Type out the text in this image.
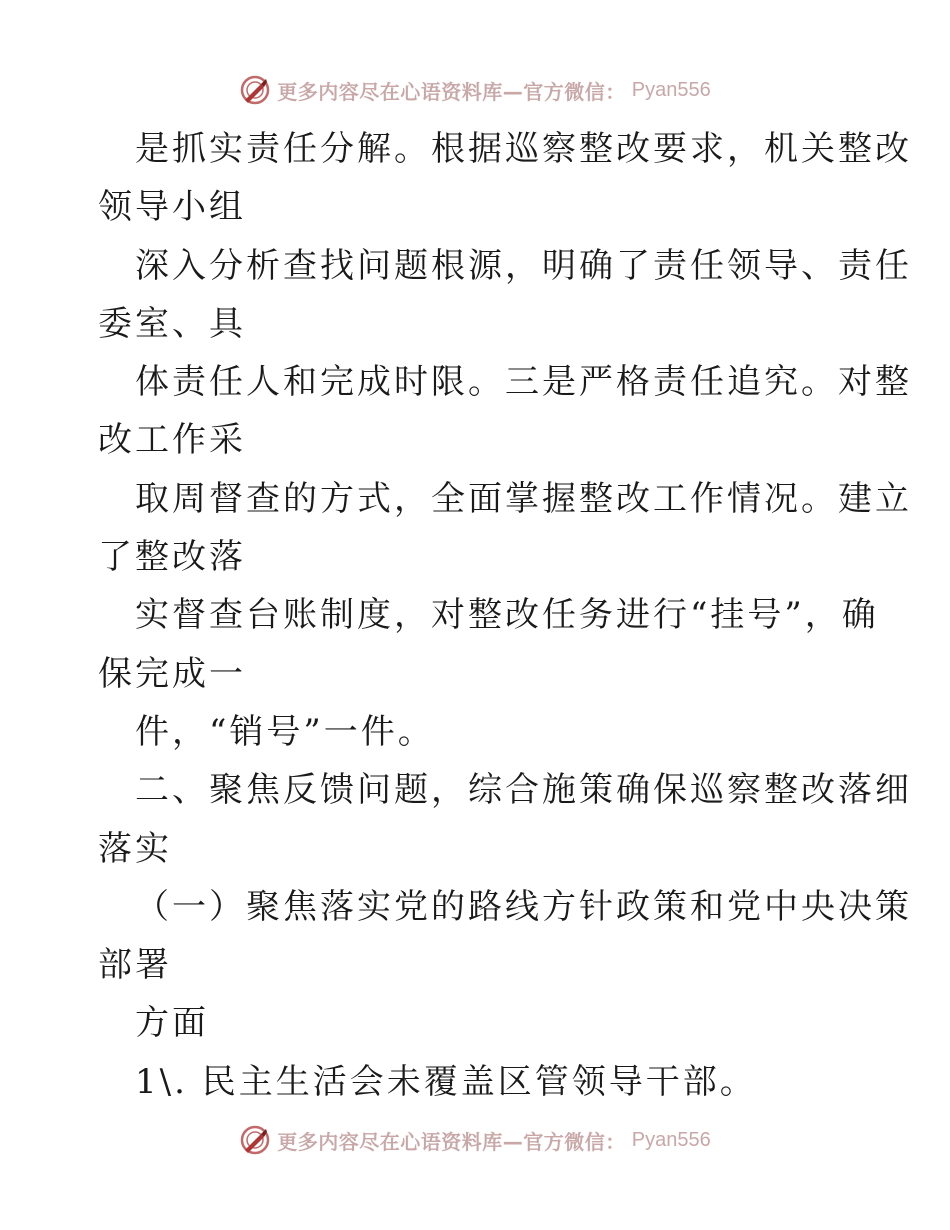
更多内容尽在心语资料库—官方微信： Pyan556
是抓实责任分解。根据巡察整改要求，机关整改
领导小组
深入分析查找问题根源，明确了责任领导、责任
委室、具
体责任人和完成时限。三是严格责任追究。对整
改工作采
取周督查的方式，全面掌握整改工作情况。建立
了整改落
实督查台账制度，对整改任务进行“挂号”，确
保完成一
件，“销号”一件。
二、聚焦反馈问题，综合施策确保巡察整改落细
落实
（一）聚焦落实党的路线方针政策和党中央决策
部署
方面
1\. 民主生活会未覆盖区管领导干部。
更多内容尽在心语资料库—官方微信： Pyan556
